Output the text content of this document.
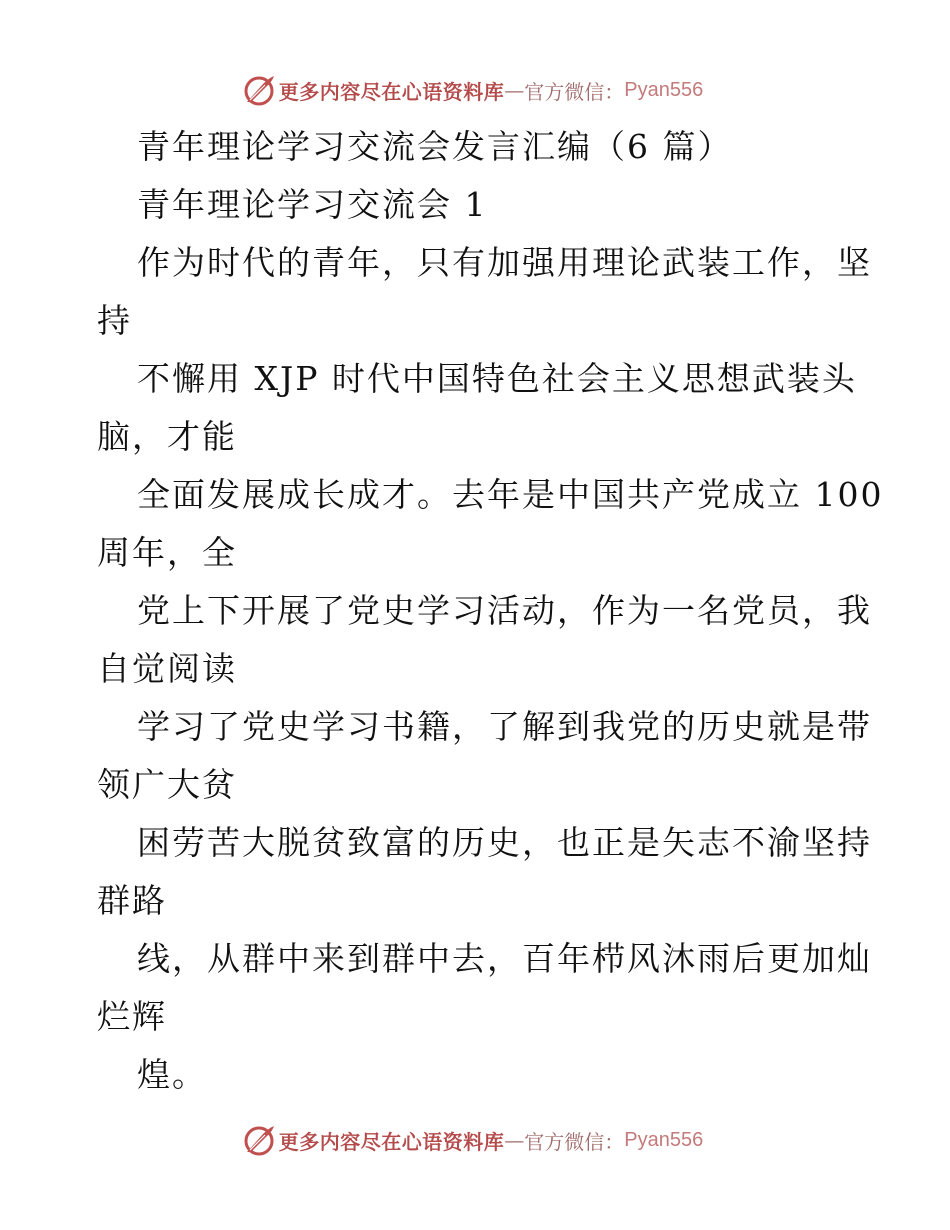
更多内容尽在心语资料库 — 官方微信： Pyan556
青年理论学习交流会发言汇编（6 篇）
青年理论学习交流会 1
作为时代的青年，只有加强用理论武装工作，坚
持
不懈用 XJP 时代中国特色社会主义思想武装头
脑，才能
全面发展成长成才。去年是中国共产党成立 100
周年，全
党上下开展了党史学习活动，作为一名党员，我
自觉阅读
学习了党史学习书籍，了解到我党的历史就是带
领广大贫
困劳苦大脱贫致富的历史，也正是矢志不渝坚持
群路
线，从群中来到群中去，百年栉风沐雨后更加灿
烂辉
煌。
更多内容尽在心语资料库 — 官方微信： Pyan556
